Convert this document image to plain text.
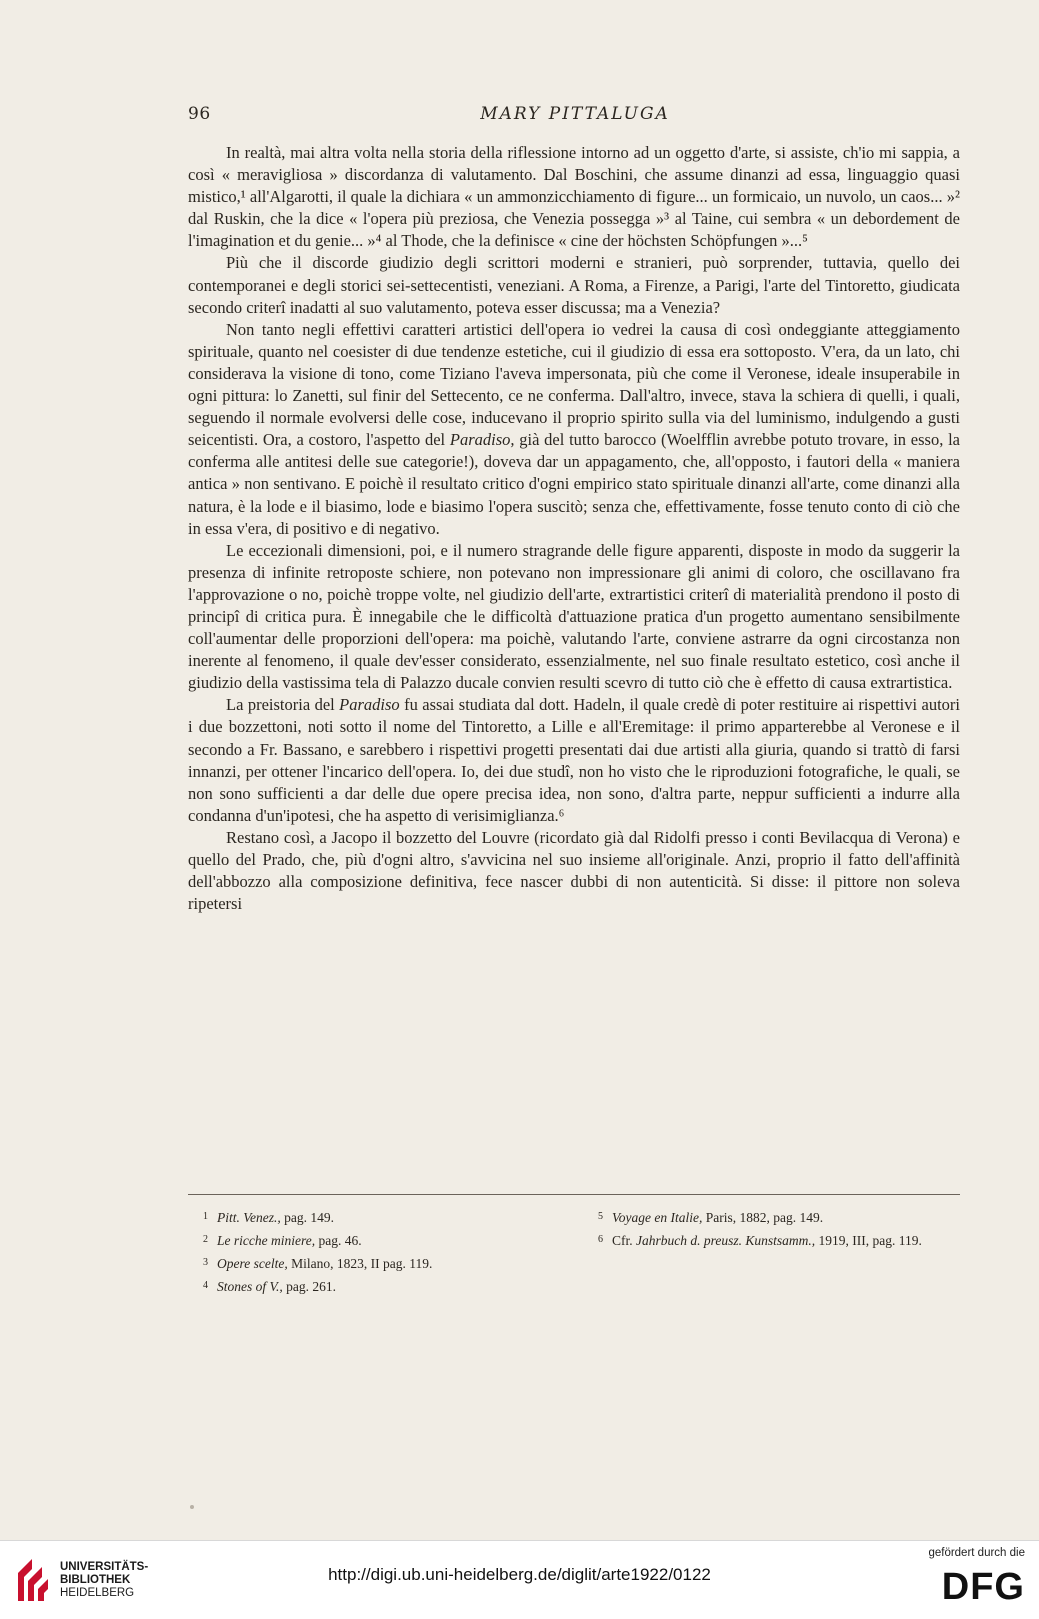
96	MARY PITTALUGA

In realtà, mai altra volta nella storia della riflessione intorno ad un oggetto d'arte, si assiste, ch'io mi sappia, a così « meravigliosa » discordanza di valutamento. Dal Boschini, che assume dinanzi ad essa, linguaggio quasi mistico,¹ all'Algarotti, il quale la dichiara « un ammonzicchiamento di figure... un formicaio, un nuvolo, un caos... »² dal Ruskin, che la dice « l'opera più preziosa, che Venezia possegga »³ al Taine, cui sembra « un debordement de l'imagination et du genie... »⁴ al Thode, che la definisce « cine der höchsten Schöpfungen »...⁵

Più che il discorde giudizio degli scrittori moderni e stranieri, può sorprender, tuttavia, quello dei contemporanei e degli storici sei-settecentisti, veneziani. A Roma, a Firenze, a Parigi, l'arte del Tintoretto, giudicata secondo criterî inadatti al suo valutamento, poteva esser discussa; ma a Venezia?

Non tanto negli effettivi caratteri artistici dell'opera io vedrei la causa di così ondeggiante atteggiamento spirituale, quanto nel coesister di due tendenze estetiche, cui il giudizio di essa era sottoposto. V'era, da un lato, chi considerava la visione di tono, come Tiziano l'aveva impersonata, più che come il Veronese, ideale insuperabile in ogni pittura: lo Zanetti, sul finir del Settecento, ce ne conferma. Dall'altro, invece, stava la schiera di quelli, i quali, seguendo il normale evolversi delle cose, inducevano il proprio spirito sulla via del luminismo, indulgendo a gusti seicentisti. Ora, a costoro, l'aspetto del Paradiso, già del tutto barocco (Woelfflin avrebbe potuto trovare, in esso, la conferma alle antitesi delle sue categorie!), doveva dar un appagamento, che, all'opposto, i fautori della « maniera antica » non sentivano. E poichè il resultato critico d'ogni empirico stato spirituale dinanzi all'arte, come dinanzi alla natura, è la lode e il biasimo, lode e biasimo l'opera suscitò; senza che, effettivamente, fosse tenuto conto di ciò che in essa v'era, di positivo e di negativo.

Le eccezionali dimensioni, poi, e il numero stragrande delle figure apparenti, disposte in modo da suggerir la presenza di infinite retroposte schiere, non potevano non impressionare gli animi di coloro, che oscillavano fra l'approvazione o no, poichè troppe volte, nel giudizio dell'arte, extrartistici criterî di materialità prendono il posto di principî di critica pura. È innegabile che le difficoltà d'attuazione pratica d'un progetto aumentano sensibilmente coll'aumentar delle proporzioni dell'opera: ma poichè, valutando l'arte, conviene astrarre da ogni circostanza non inerente al fenomeno, il quale dev'esser considerato, essenzialmente, nel suo finale resultato estetico, così anche il giudizio della vastissima tela di Palazzo ducale convien resulti scevro di tutto ciò che è effetto di causa extrartistica.

La preistoria del Paradiso fu assai studiata dal dott. Hadeln, il quale credè di poter restituire ai rispettivi autori i due bozzettoni, noti sotto il nome del Tintoretto, a Lille e all'Eremitage: il primo apparterebbe al Veronese e il secondo a Fr. Bassano, e sarebbero i rispettivi progetti presentati dai due artisti alla giuria, quando si trattò di farsi innanzi, per ottener l'incarico dell'opera. Io, dei due studî, non ho visto che le riproduzioni fotografiche, le quali, se non sono sufficienti a dar delle due opere precisa idea, non sono, d'altra parte, neppur sufficienti a indurre alla condanna d'un'ipotesi, che ha aspetto di verisimiglianza.⁶

Restano così, a Jacopo il bozzetto del Louvre (ricordato già dal Ridolfi presso i conti Bevilacqua di Verona) e quello del Prado, che, più d'ogni altro, s'avvicina nel suo insieme all'originale. Anzi, proprio il fatto dell'affinità dell'abbozzo alla composizione definitiva, fece nascer dubbi di non autenticità. Si disse: il pittore non soleva ripetersi

1 Pitt. Venez., pag. 149.
2 Le ricche miniere, pag. 46.
3 Opere scelte, Milano, 1823, II pag. 119.
4 Stones of V., pag. 261.
5 Voyage en Italie, Paris, 1882, pag. 149.
6 Cfr. Jahrbuch d. preusz. Kunstsamm., 1919, III, pag. 119.
UNIVERSITÄTS-
BIBLIOTHEK
HEIDELBERG
http://digi.ub.uni-heidelberg.de/diglit/arte1922/0122
gefördert durch die
DFG
